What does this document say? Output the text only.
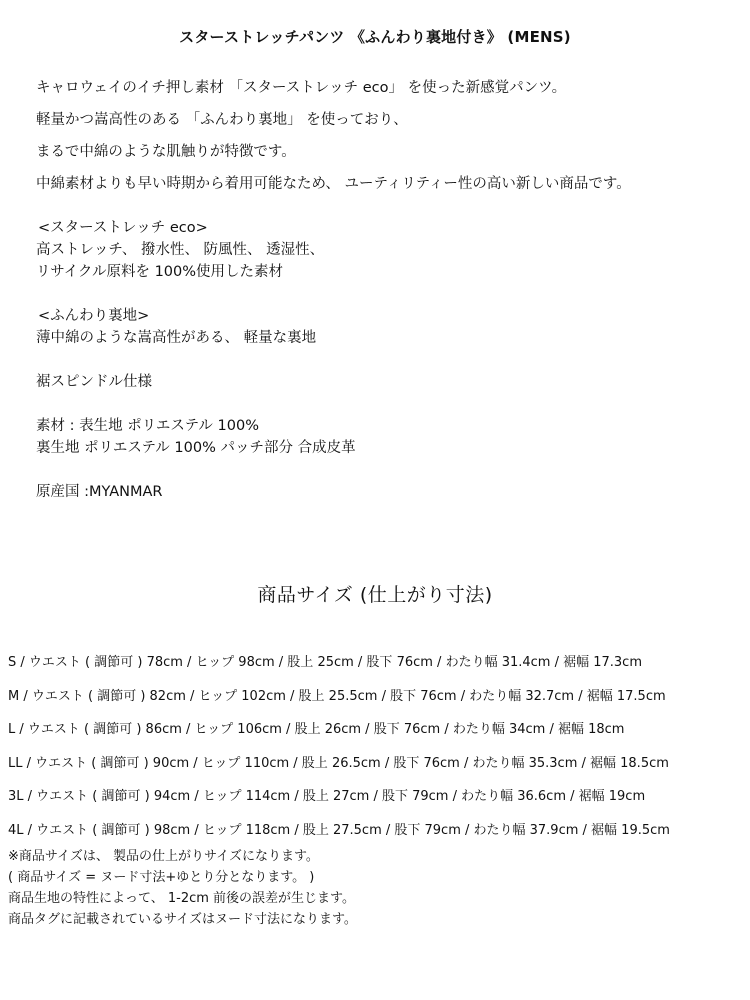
スターストレッチパンツ 《ふんわり裏地付き》 (MENS)

キャロウェイのイチ押し素材 「スターストレッチ eco」 を使った新感覚パンツ。

軽量かつ嵩高性のある 「ふんわり裏地」 を使っており、

まるで中綿のような肌触りが特徴です。

中綿素材よりも早い時期から着用可能なため、 ユーティリティー性の高い新しい商品です。

<スターストレッチ eco>

高ストレッチ、 撥水性、 防風性、 透湿性、

リサイクル原料を 100%使用した素材

<ふんわり裏地>

薄中綿のような嵩高性がある、 軽量な裏地

裾スピンドル仕様

素材 : 表生地 ポリエステル 100%

裏生地 ポリエステル 100% パッチ部分 合成皮革

原産国 :MYANMAR

商品サイズ (仕上がり寸法)
S / ウエスト ( 調節可 ) 78cm / ヒップ 98cm / 股上 25cm / 股下 76cm / わたり幅 31.4cm / 裾幅 17.3cm
M / ウエスト ( 調節可 ) 82cm / ヒップ 102cm / 股上 25.5cm / 股下 76cm / わたり幅 32.7cm / 裾幅 17.5cm
L / ウエスト ( 調節可 ) 86cm / ヒップ 106cm / 股上 26cm / 股下 76cm / わたり幅 34cm / 裾幅 18cm
LL / ウエスト ( 調節可 ) 90cm / ヒップ 110cm / 股上 26.5cm / 股下 76cm / わたり幅 35.3cm / 裾幅 18.5cm
3L / ウエスト ( 調節可 ) 94cm / ヒップ 114cm / 股上 27cm / 股下 79cm / わたり幅 36.6cm / 裾幅 19cm
4L / ウエスト ( 調節可 ) 98cm / ヒップ 118cm / 股上 27.5cm / 股下 79cm / わたり幅 37.9cm / 裾幅 19.5cm

※商品サイズは、 製品の仕上がりサイズになります。

( 商品サイズ = ヌード寸法+ゆとり分となります。 )

商品生地の特性によって、 1-2cm 前後の誤差が生じます。

商品タグに記載されているサイズはヌード寸法になります。
